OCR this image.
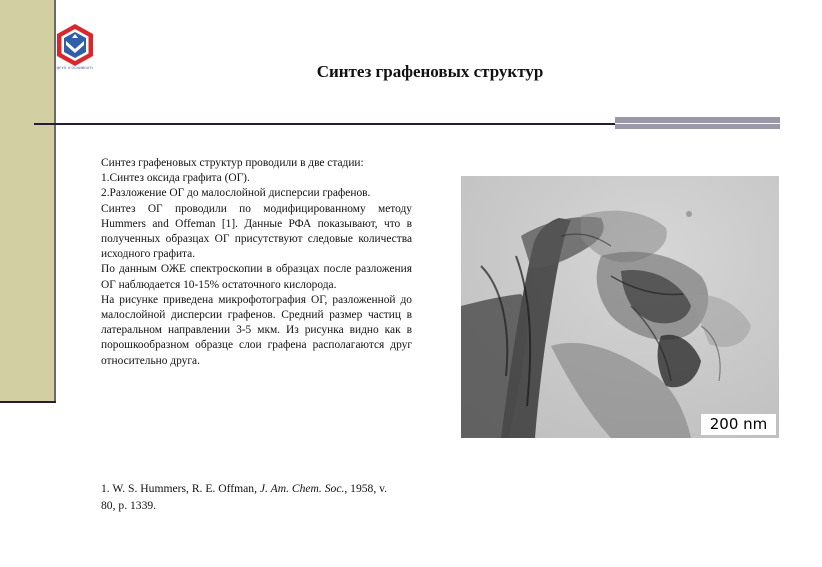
ФГУП «ГОСНИИОХТ»	Синтез графеновых структур

Синтез графеновых структур проводили в две стадии:

1.Синтез оксида графита (ОГ).

2.Разложение ОГ до малослойной дисперсии графенов.

Синтез ОГ проводили по модифицированному методу Hummers and Offeman [1]. Данные РФА показывают, что в полученных образцах ОГ присутствуют следовые количества исходного графита.

По данным ОЖЕ спектроскопии в образцах после разложения ОГ наблюдается 10-15% остаточного кислорода.

На рисунке приведена микрофотография ОГ, разложенной до малослойной дисперсии графенов. Средний размер частиц в латеральном направлении 3-5 мкм. Из рисунка видно как в порошкообразном образце слои графена располагаются друг относительно друга.

1. W. S. Hummers, R. E. Offman, J. Am. Chem. Soc., 1958, v. 80, p. 1339.

200 nm
